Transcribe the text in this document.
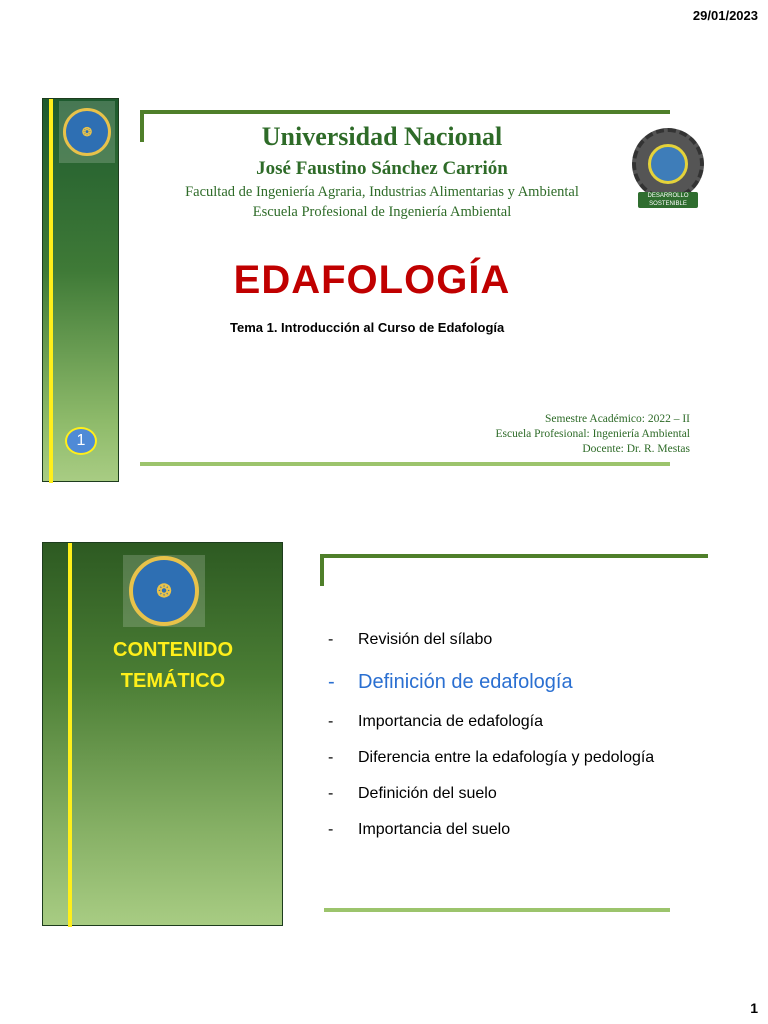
29/01/2023
❂
1
Universidad Nacional
José Faustino Sánchez Carrión
Facultad de Ingeniería Agraria, Industrias Alimentarias y Ambiental
Escuela Profesional de Ingeniería Ambiental
DESARROLLO SOSTENIBLE
EDAFOLOGÍA
Tema 1. Introducción al Curso de Edafología
Semestre Académico: 2022 – II
Escuela Profesional: Ingeniería Ambiental
Docente: Dr. R. Mestas
❂
CONTENIDO
TEMÁTICO
-	Revisión del sílabo
-	Definición de edafología
-	Importancia de edafología
-	Diferencia entre la edafología y pedología
-	Definición del suelo
-	Importancia del suelo
1
